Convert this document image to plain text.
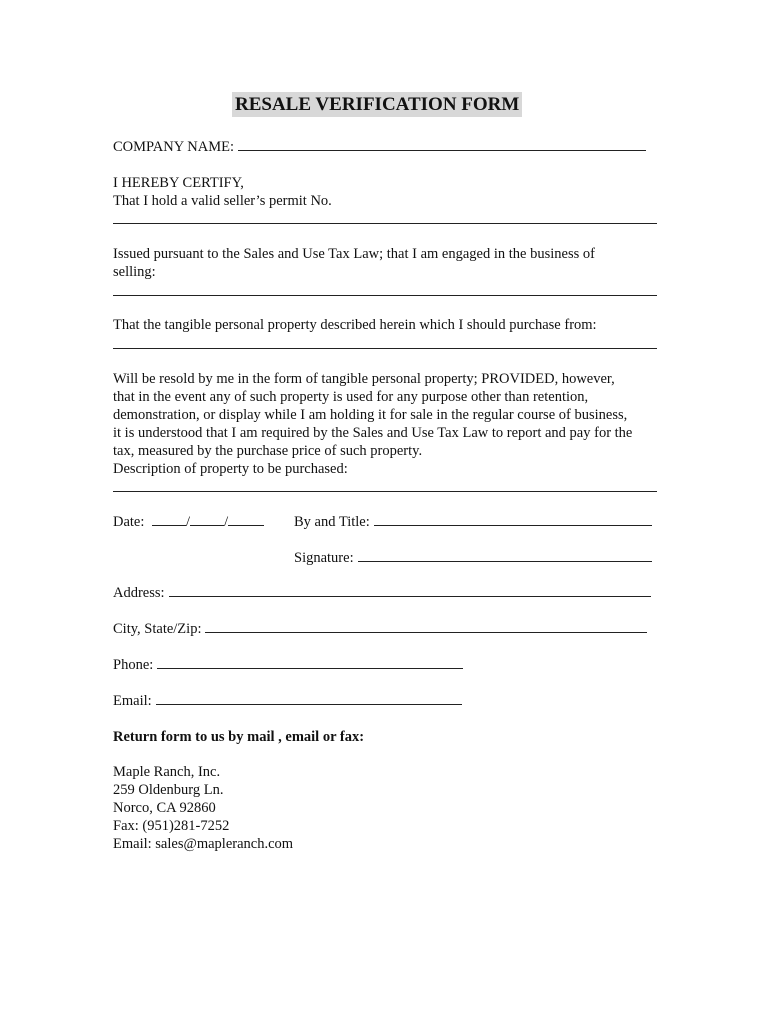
RESALE VERIFICATION FORM
COMPANY NAME:
I HEREBY CERTIFY,
That I hold a valid seller’s permit No.
Issued pursuant to the Sales and Use Tax Law; that I am engaged in the business of
selling:
That the tangible personal property described herein which I should purchase from:
Will be resold by me in the form of tangible personal property; PROVIDED, however,
that in the event any of such property is used for any purpose other than retention,
demonstration, or display while I am holding it for sale in the regular course of business,
it is understood that I am required by the Sales and Use Tax Law to report and pay for the
tax, measured by the purchase price of such property.
Description of property to be purchased:
Date:	/ /	By and Title:
Signature:
Address:
City, State/Zip:
Phone:
Email:
Return form to us by mail , email or fax:
Maple Ranch, Inc.
259 Oldenburg Ln.
Norco, CA 92860
Fax: (951)281-7252
Email: sales@mapleranch.com
